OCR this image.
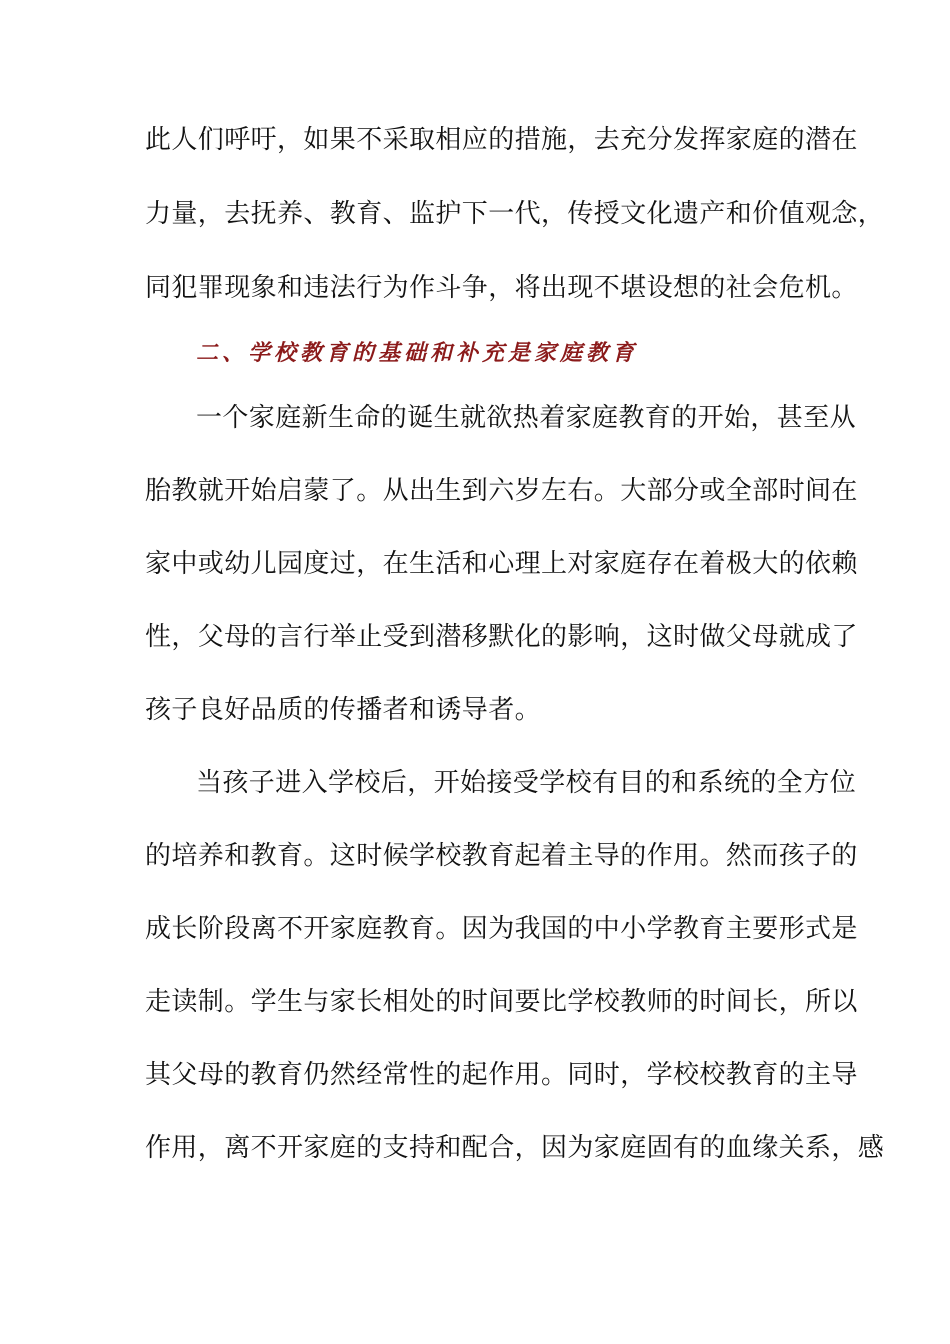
此人们呼吁，如果不采取相应的措施，去充分发挥家庭的潜在
力量，去抚养、教育、监护下一代，传授文化遗产和价值观念，
同犯罪现象和违法行为作斗争，将出现不堪设想的社会危机。
二、学校教育的基础和补充是家庭教育
一个家庭新生命的诞生就欲热着家庭教育的开始，甚至从
胎教就开始启蒙了。从出生到六岁左右。大部分或全部时间在
家中或幼儿园度过，在生活和心理上对家庭存在着极大的依赖
性，父母的言行举止受到潜移默化的影响，这时做父母就成了
孩子良好品质的传播者和诱导者。
当孩子进入学校后，开始接受学校有目的和系统的全方位
的培养和教育。这时候学校教育起着主导的作用。然而孩子的
成长阶段离不开家庭教育。因为我国的中小学教育主要形式是
走读制。学生与家长相处的时间要比学校教师的时间长，所以
其父母的教育仍然经常性的起作用。同时，学校校教育的主导
作用，离不开家庭的支持和配合，因为家庭固有的血缘关系，感
